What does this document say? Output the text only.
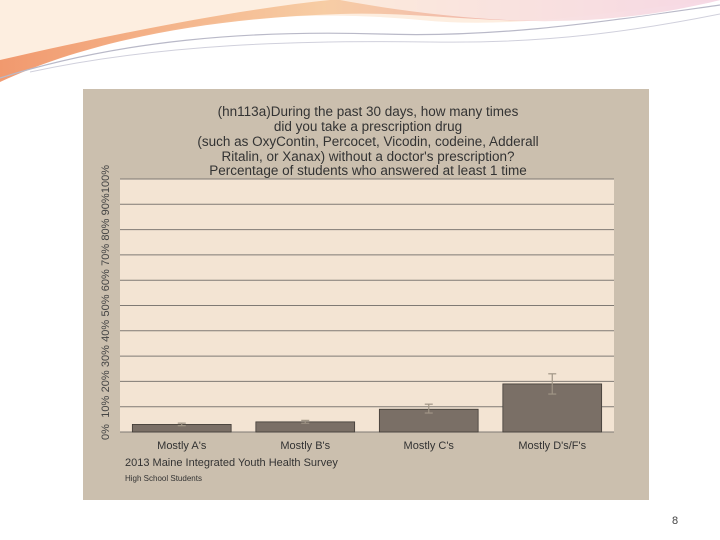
(hn113a)During the past 30 days, how many times
did you take a prescription drug
(such as OxyContin, Percocet, Vicodin, codeine, Adderall
Ritalin, or Xanax) without a doctor's prescription?
Percentage of students who answered at least 1 time
0%
10%
20%
30%
40%
50%
60%
70%
80%
90%
100%
Mostly A's	Mostly B's	Mostly C's	Mostly D's/F's
2013 Maine Integrated Youth Health Survey
High School Students
8
